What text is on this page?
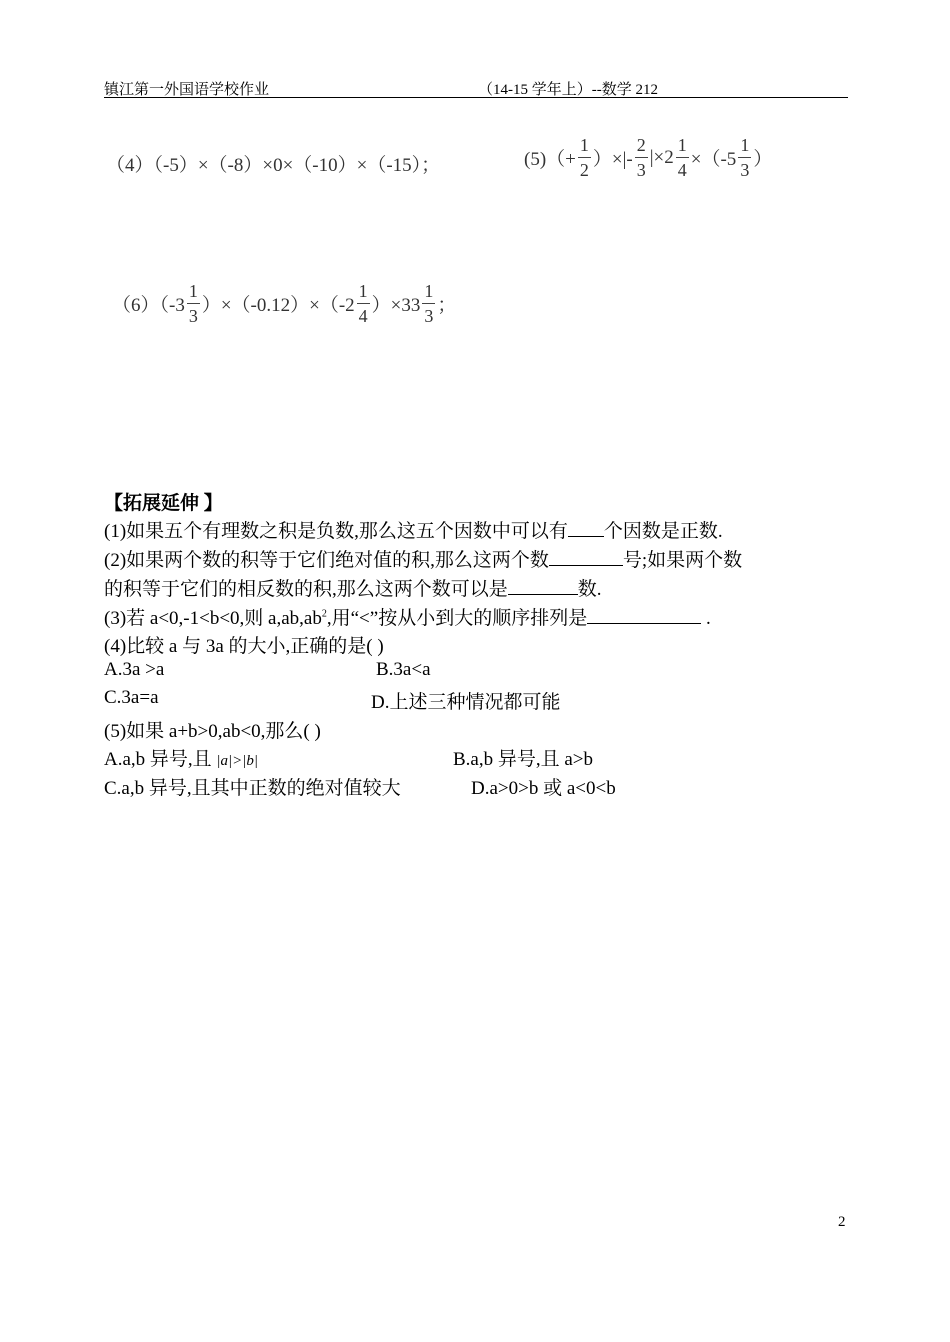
镇江第一外国语学校作业	（14-15 学年上）--数学 212
（4）（-5）×（-8）×0×（-10）×（-15）；	$(5)(+ \frac{1}{2}$ ）×|- $\frac{2}{3} |\times 2 \frac{1}{4} \times(-5 \frac{1}{3}$ ）
$(6)(-3 \frac{1}{3} )\times(-0.12)\times(-2 \frac{1}{4} )\times 33 \frac{1}{3}$ ；
【拓展延伸 】
(1)如果五个有理数之积是负数,那么这五个因数中可以有 个因数是正数.
(2)如果两个数的积等于它们绝对值的积,那么这两个数	号;如果两个数
的积等于它们的相反数的积,那么这两个数可以是	数.
(3)若 a<0,-1<b<0,则 $a,ab,ab^2$,用“<”按从小到大的顺序排列是	.
(4)比较 a 与 3a 的大小,正确的是( )
A.3a >a	B.3a<a
C.3a=a	D.上述三种情况都可能
(5)如果 a+b>0,ab<0,那么( )
A.a,b 异号,且 |a|>|b|	B.a,b 异号,且 a>b
C.a,b 异号,且其中正数的绝对值较大	D.a>0>b 或 a<0<b
2
